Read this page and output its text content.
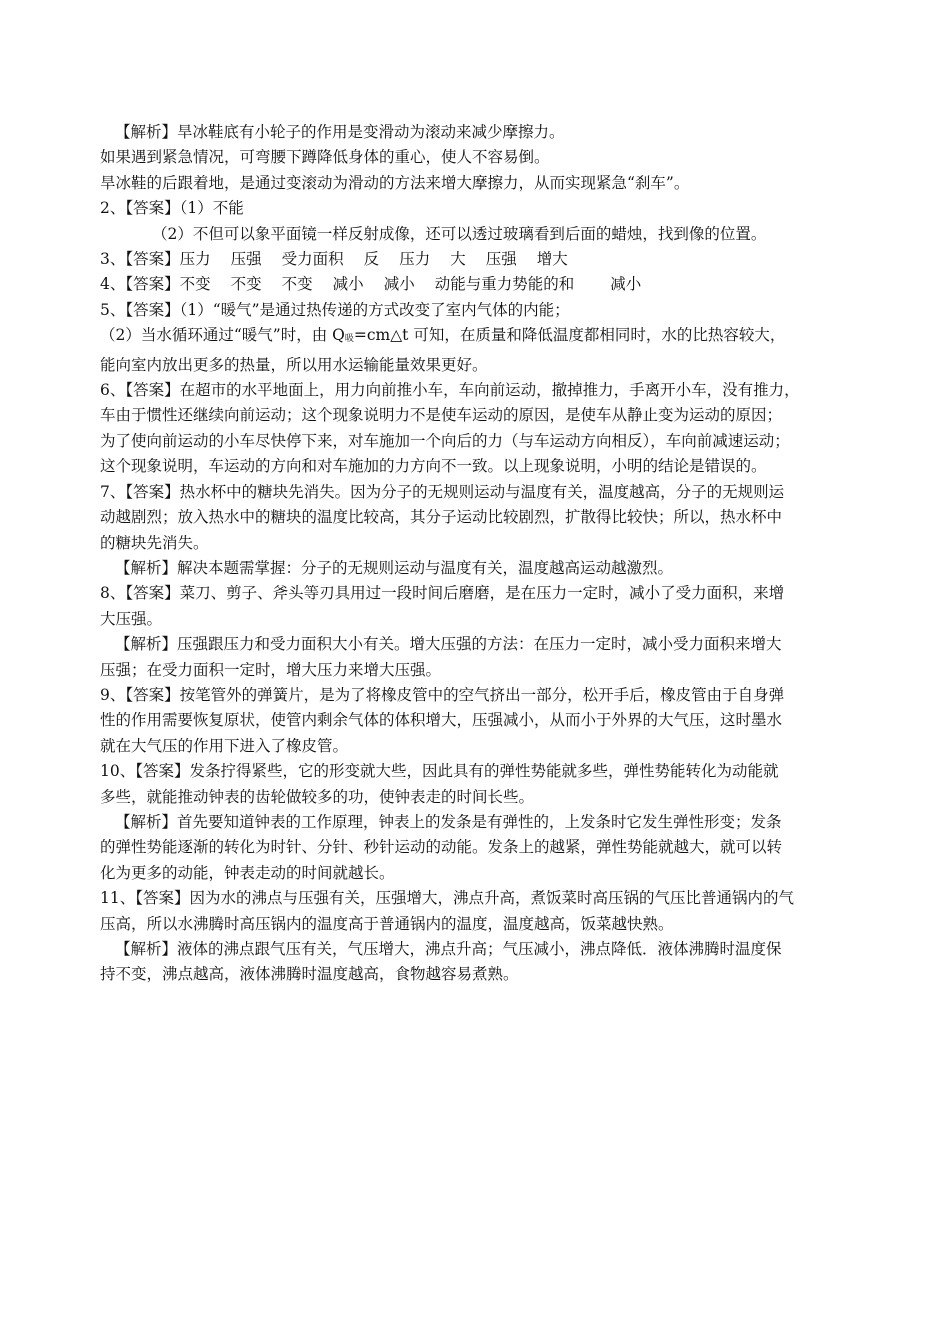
【解析】旱冰鞋底有小轮子的作用是变滑动为滚动来减少摩擦力。

如果遇到紧急情况，可弯腰下蹲降低身体的重心，使人不容易倒。

旱冰鞋的后跟着地，是通过变滚动为滑动的方法来增大摩擦力，从而实现紧急“刹车”。

2、【答案】（1）不能

（2）不但可以象平面镜一样反射成像，还可以透过玻璃看到后面的蜡烛，找到像的位置。

3、【答案】压力 压强 受力面积 反 压力 大 压强 增大

4、【答案】不变 不变 不变 减小 减小 动能与重力势能的和 减小

5、【答案】（1）“暖气”是通过热传递的方式改变了室内气体的内能；

（2）当水循环通过“暖气”时，由 Q吸=cm△t 可知，在质量和降低温度都相同时，水的比热容较大，

能向室内放出更多的热量，所以用水运输能量效果更好。

6、【答案】在超市的水平地面上，用力向前推小车，车向前运动，撤掉推力，手离开小车，没有推力，

车由于惯性还继续向前运动；这个现象说明力不是使车运动的原因，是使车从静止变为运动的原因；

为了使向前运动的小车尽快停下来，对车施加一个向后的力（与车运动方向相反），车向前减速运动；

这个现象说明，车运动的方向和对车施加的力方向不一致。以上现象说明，小明的结论是错误的。

7、【答案】热水杯中的糖块先消失。因为分子的无规则运动与温度有关，温度越高，分子的无规则运

动越剧烈；放入热水中的糖块的温度比较高，其分子运动比较剧烈，扩散得比较快；所以，热水杯中

的糖块先消失。

【解析】解决本题需掌握：分子的无规则运动与温度有关，温度越高运动越激烈。

8、【答案】菜刀、剪子、斧头等刃具用过一段时间后磨磨，是在压力一定时，减小了受力面积，来增

大压强。

【解析】压强跟压力和受力面积大小有关。增大压强的方法：在压力一定时，减小受力面积来增大

压强；在受力面积一定时，增大压力来增大压强。

9、【答案】按笔管外的弹簧片，是为了将橡皮管中的空气挤出一部分，松开手后，橡皮管由于自身弹

性的作用需要恢复原状，使管内剩余气体的体积增大，压强减小，从而小于外界的大气压，这时墨水

就在大气压的作用下进入了橡皮管。

10、【答案】发条拧得紧些，它的形变就大些，因此具有的弹性势能就多些，弹性势能转化为动能就

多些，就能推动钟表的齿轮做较多的功，使钟表走的时间长些。

【解析】首先要知道钟表的工作原理，钟表上的发条是有弹性的，上发条时它发生弹性形变；发条

的弹性势能逐渐的转化为时针、分针、秒针运动的动能。发条上的越紧，弹性势能就越大，就可以转

化为更多的动能，钟表走动的时间就越长。

11、【答案】因为水的沸点与压强有关，压强增大，沸点升高，煮饭菜时高压锅的气压比普通锅内的气

压高，所以水沸腾时高压锅内的温度高于普通锅内的温度，温度越高，饭菜越快熟。

【解析】液体的沸点跟气压有关，气压增大，沸点升高；气压减小，沸点降低．液体沸腾时温度保

持不变，沸点越高，液体沸腾时温度越高，食物越容易煮熟。
